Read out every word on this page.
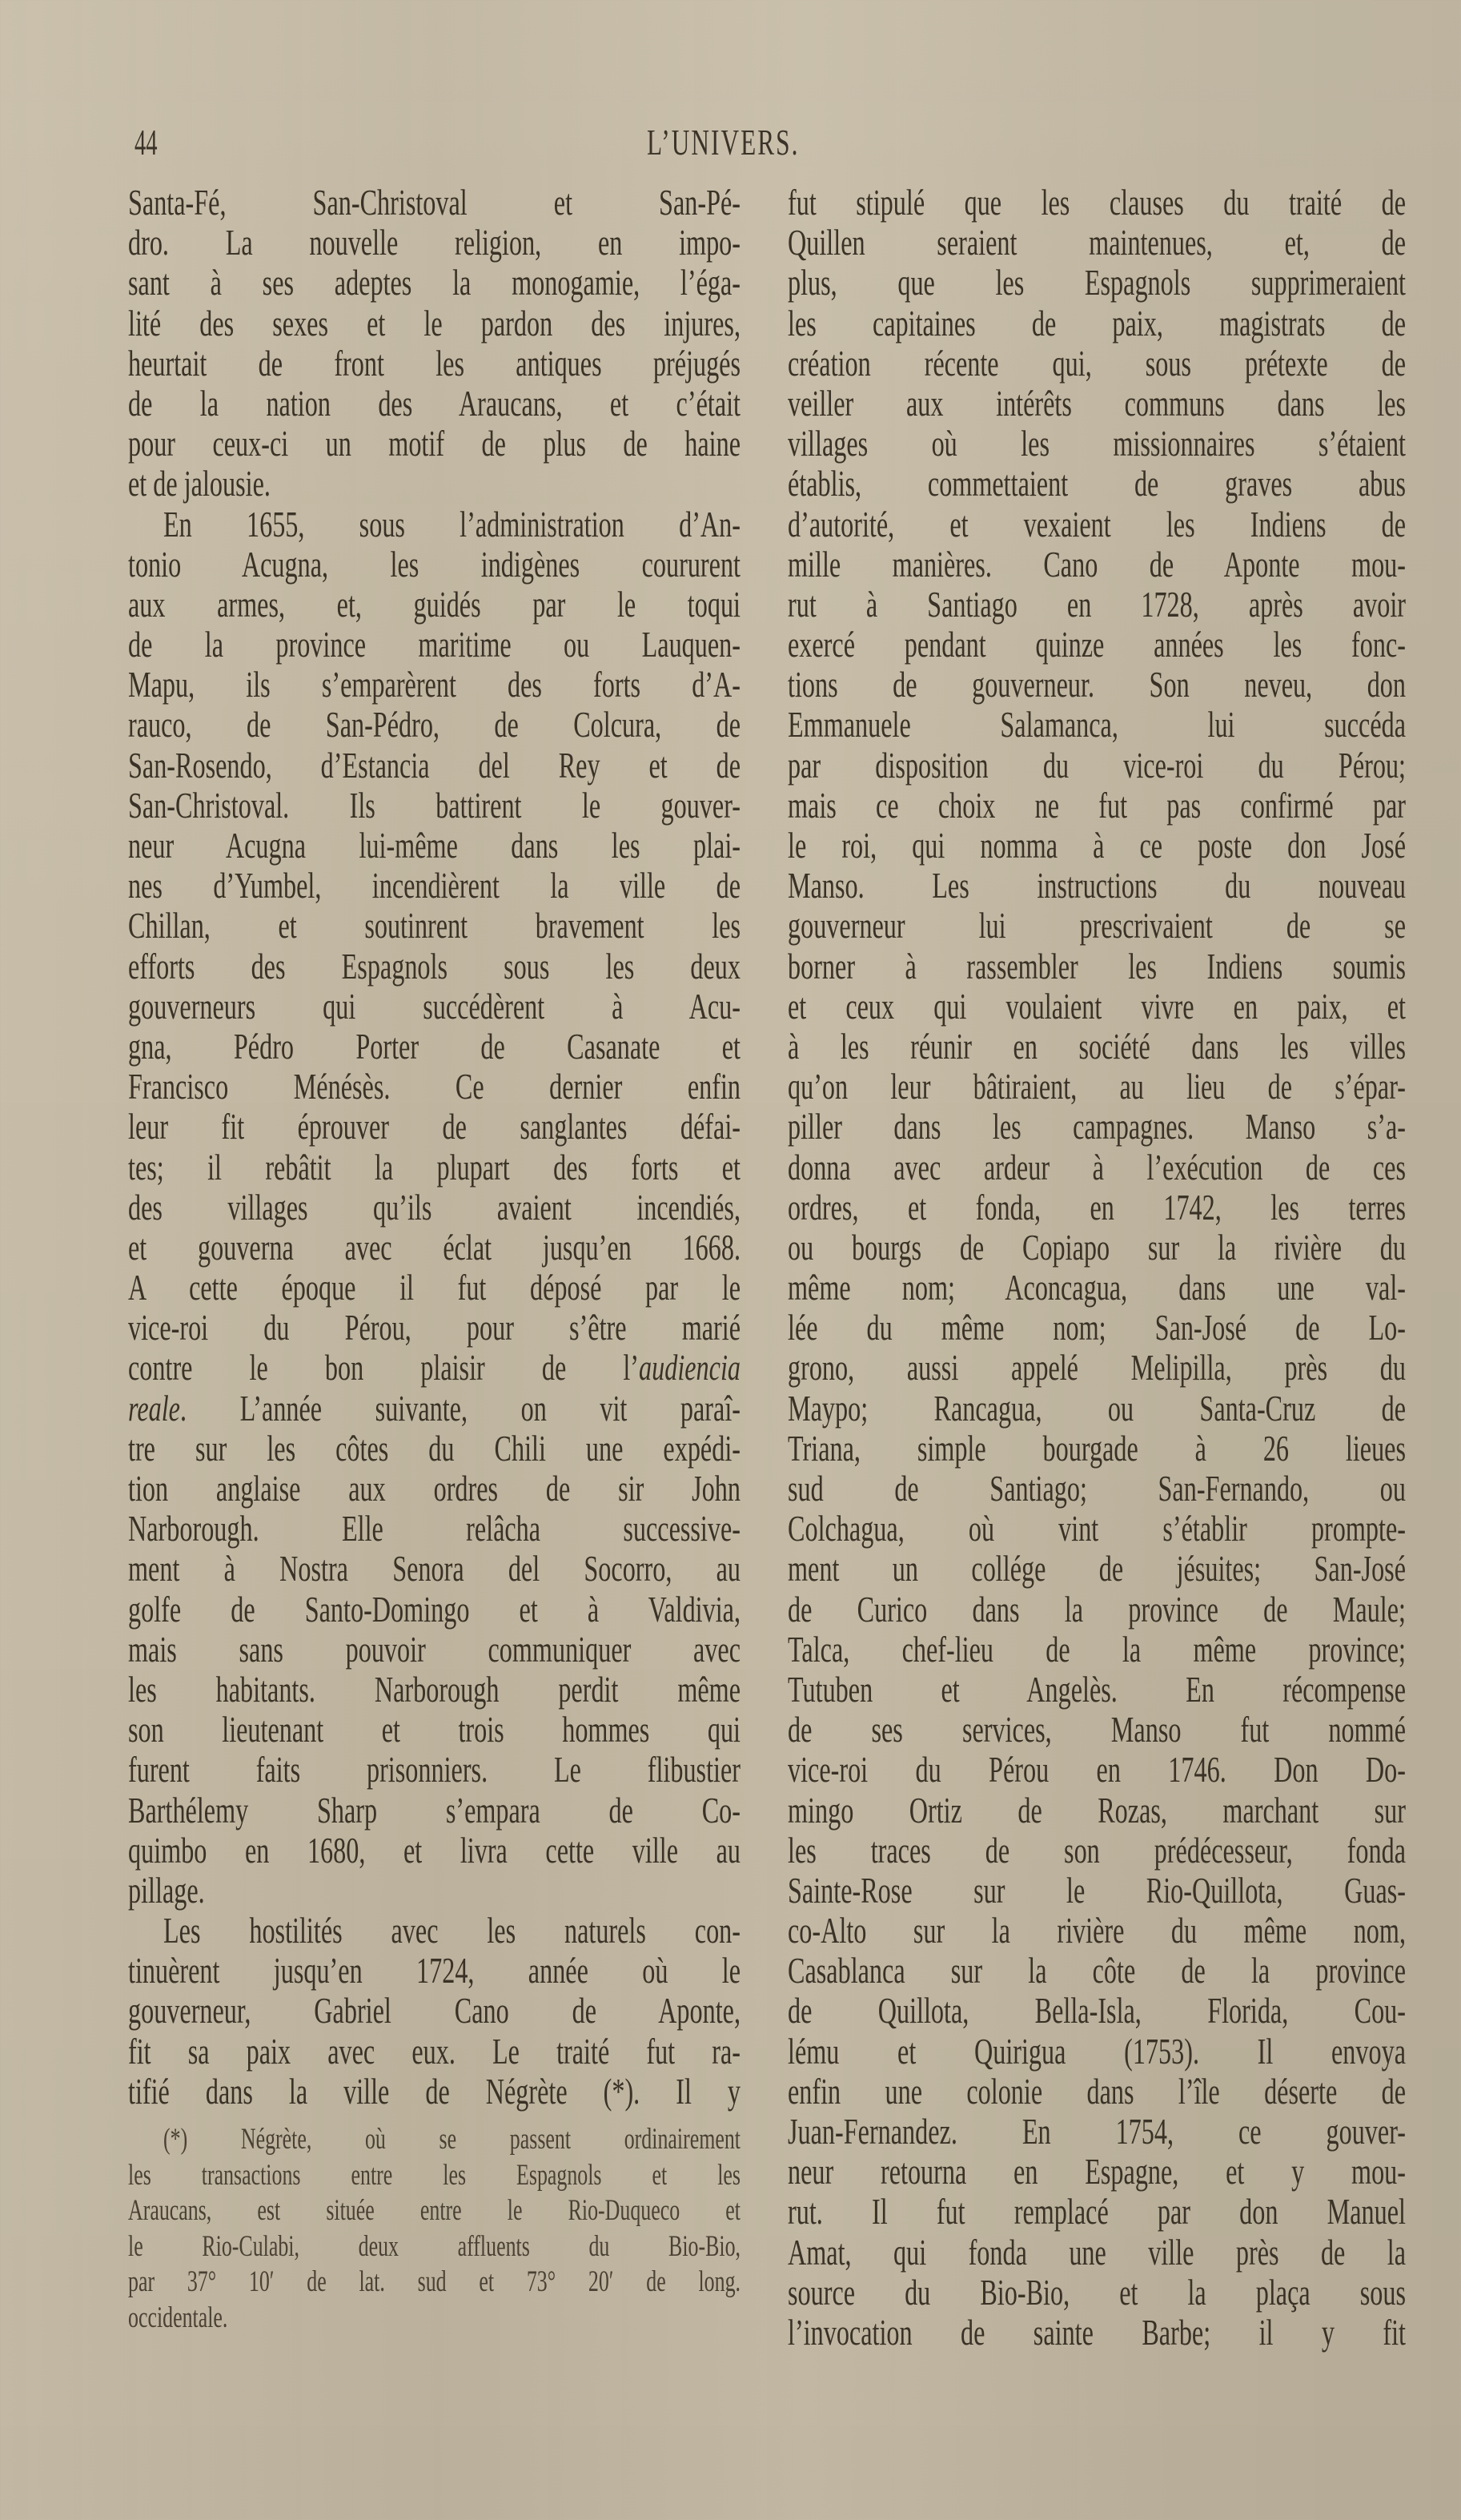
44	L’UNIVERS.
Santa-Fé, San-Christoval et San-Pé-
dro. La nouvelle religion, en impo-
sant à ses adeptes la monogamie, l’éga-
lité des sexes et le pardon des injures,
heurtait de front les antiques préjugés
de la nation des Araucans, et c’était
pour ceux-ci un motif de plus de haine
et de jalousie.
En 1655, sous l’administration d’An-
tonio Acugna, les indigènes coururent
aux armes, et, guidés par le toqui
de la province maritime ou Lauquen-
Mapu, ils s’emparèrent des forts d’A-
rauco, de San-Pédro, de Colcura, de
San-Rosendo, d’Estancia del Rey et de
San-Christoval. Ils battirent le gouver-
neur Acugna lui-même dans les plai-
nes d’Yumbel, incendièrent la ville de
Chillan, et soutinrent bravement les
efforts des Espagnols sous les deux
gouverneurs qui succédèrent à Acu-
gna, Pédro Porter de Casanate et
Francisco Ménésès. Ce dernier enfin
leur fit éprouver de sanglantes défai-
tes; il rebâtit la plupart des forts et
des villages qu’ils avaient incendiés,
et gouverna avec éclat jusqu’en 1668.
A cette époque il fut déposé par le
vice-roi du Pérou, pour s’être marié
contre le bon plaisir de l’audiencia
reale. L’année suivante, on vit paraî-
tre sur les côtes du Chili une expédi-
tion anglaise aux ordres de sir John
Narborough. Elle relâcha successive-
ment à Nostra Senora del Socorro, au
golfe de Santo-Domingo et à Valdivia,
mais sans pouvoir communiquer avec
les habitants. Narborough perdit même
son lieutenant et trois hommes qui
furent faits prisonniers. Le flibustier
Barthélemy Sharp s’empara de Co-
quimbo en 1680, et livra cette ville au
pillage.
Les hostilités avec les naturels con-
tinuèrent jusqu’en 1724, année où le
gouverneur, Gabriel Cano de Aponte,
fit sa paix avec eux. Le traité fut ra-
tifié dans la ville de Négrète (*). Il y
(*) Négrète, où se passent ordinairement
les transactions entre les Espagnols et les
Araucans, est située entre le Rio-Duqueco et
le Rio-Culabi, deux affluents du Bio-Bio,
par 37° 10′ de lat. sud et 73° 20′ de long.
occidentale.
fut stipulé que les clauses du traité de
Quillen seraient maintenues, et, de
plus, que les Espagnols supprimeraient
les capitaines de paix, magistrats de
création récente qui, sous prétexte de
veiller aux intérêts communs dans les
villages où les missionnaires s’étaient
établis, commettaient de graves abus
d’autorité, et vexaient les Indiens de
mille manières. Cano de Aponte mou-
rut à Santiago en 1728, après avoir
exercé pendant quinze années les fonc-
tions de gouverneur. Son neveu, don
Emmanuele Salamanca, lui succéda
par disposition du vice-roi du Pérou;
mais ce choix ne fut pas confirmé par
le roi, qui nomma à ce poste don José
Manso. Les instructions du nouveau
gouverneur lui prescrivaient de se
borner à rassembler les Indiens soumis
et ceux qui voulaient vivre en paix, et
à les réunir en société dans les villes
qu’on leur bâtiraient, au lieu de s’épar-
piller dans les campagnes. Manso s’a-
donna avec ardeur à l’exécution de ces
ordres, et fonda, en 1742, les terres
ou bourgs de Copiapo sur la rivière du
même nom; Aconcagua, dans une val-
lée du même nom; San-José de Lo-
grono, aussi appelé Melipilla, près du
Maypo; Rancagua, ou Santa-Cruz de
Triana, simple bourgade à 26 lieues
sud de Santiago; San-Fernando, ou
Colchagua, où vint s’établir prompte-
ment un collége de jésuites; San-José
de Curico dans la province de Maule;
Talca, chef-lieu de la même province;
Tutuben et Angelès. En récompense
de ses services, Manso fut nommé
vice-roi du Pérou en 1746. Don Do-
mingo Ortiz de Rozas, marchant sur
les traces de son prédécesseur, fonda
Sainte-Rose sur le Rio-Quillota, Guas-
co-Alto sur la rivière du même nom,
Casablanca sur la côte de la province
de Quillota, Bella-Isla, Florida, Cou-
lému et Quirigua (1753). Il envoya
enfin une colonie dans l’île déserte de
Juan-Fernandez. En 1754, ce gouver-
neur retourna en Espagne, et y mou-
rut. Il fut remplacé par don Manuel
Amat, qui fonda une ville près de la
source du Bio-Bio, et la plaça sous
l’invocation de sainte Barbe; il y fit
